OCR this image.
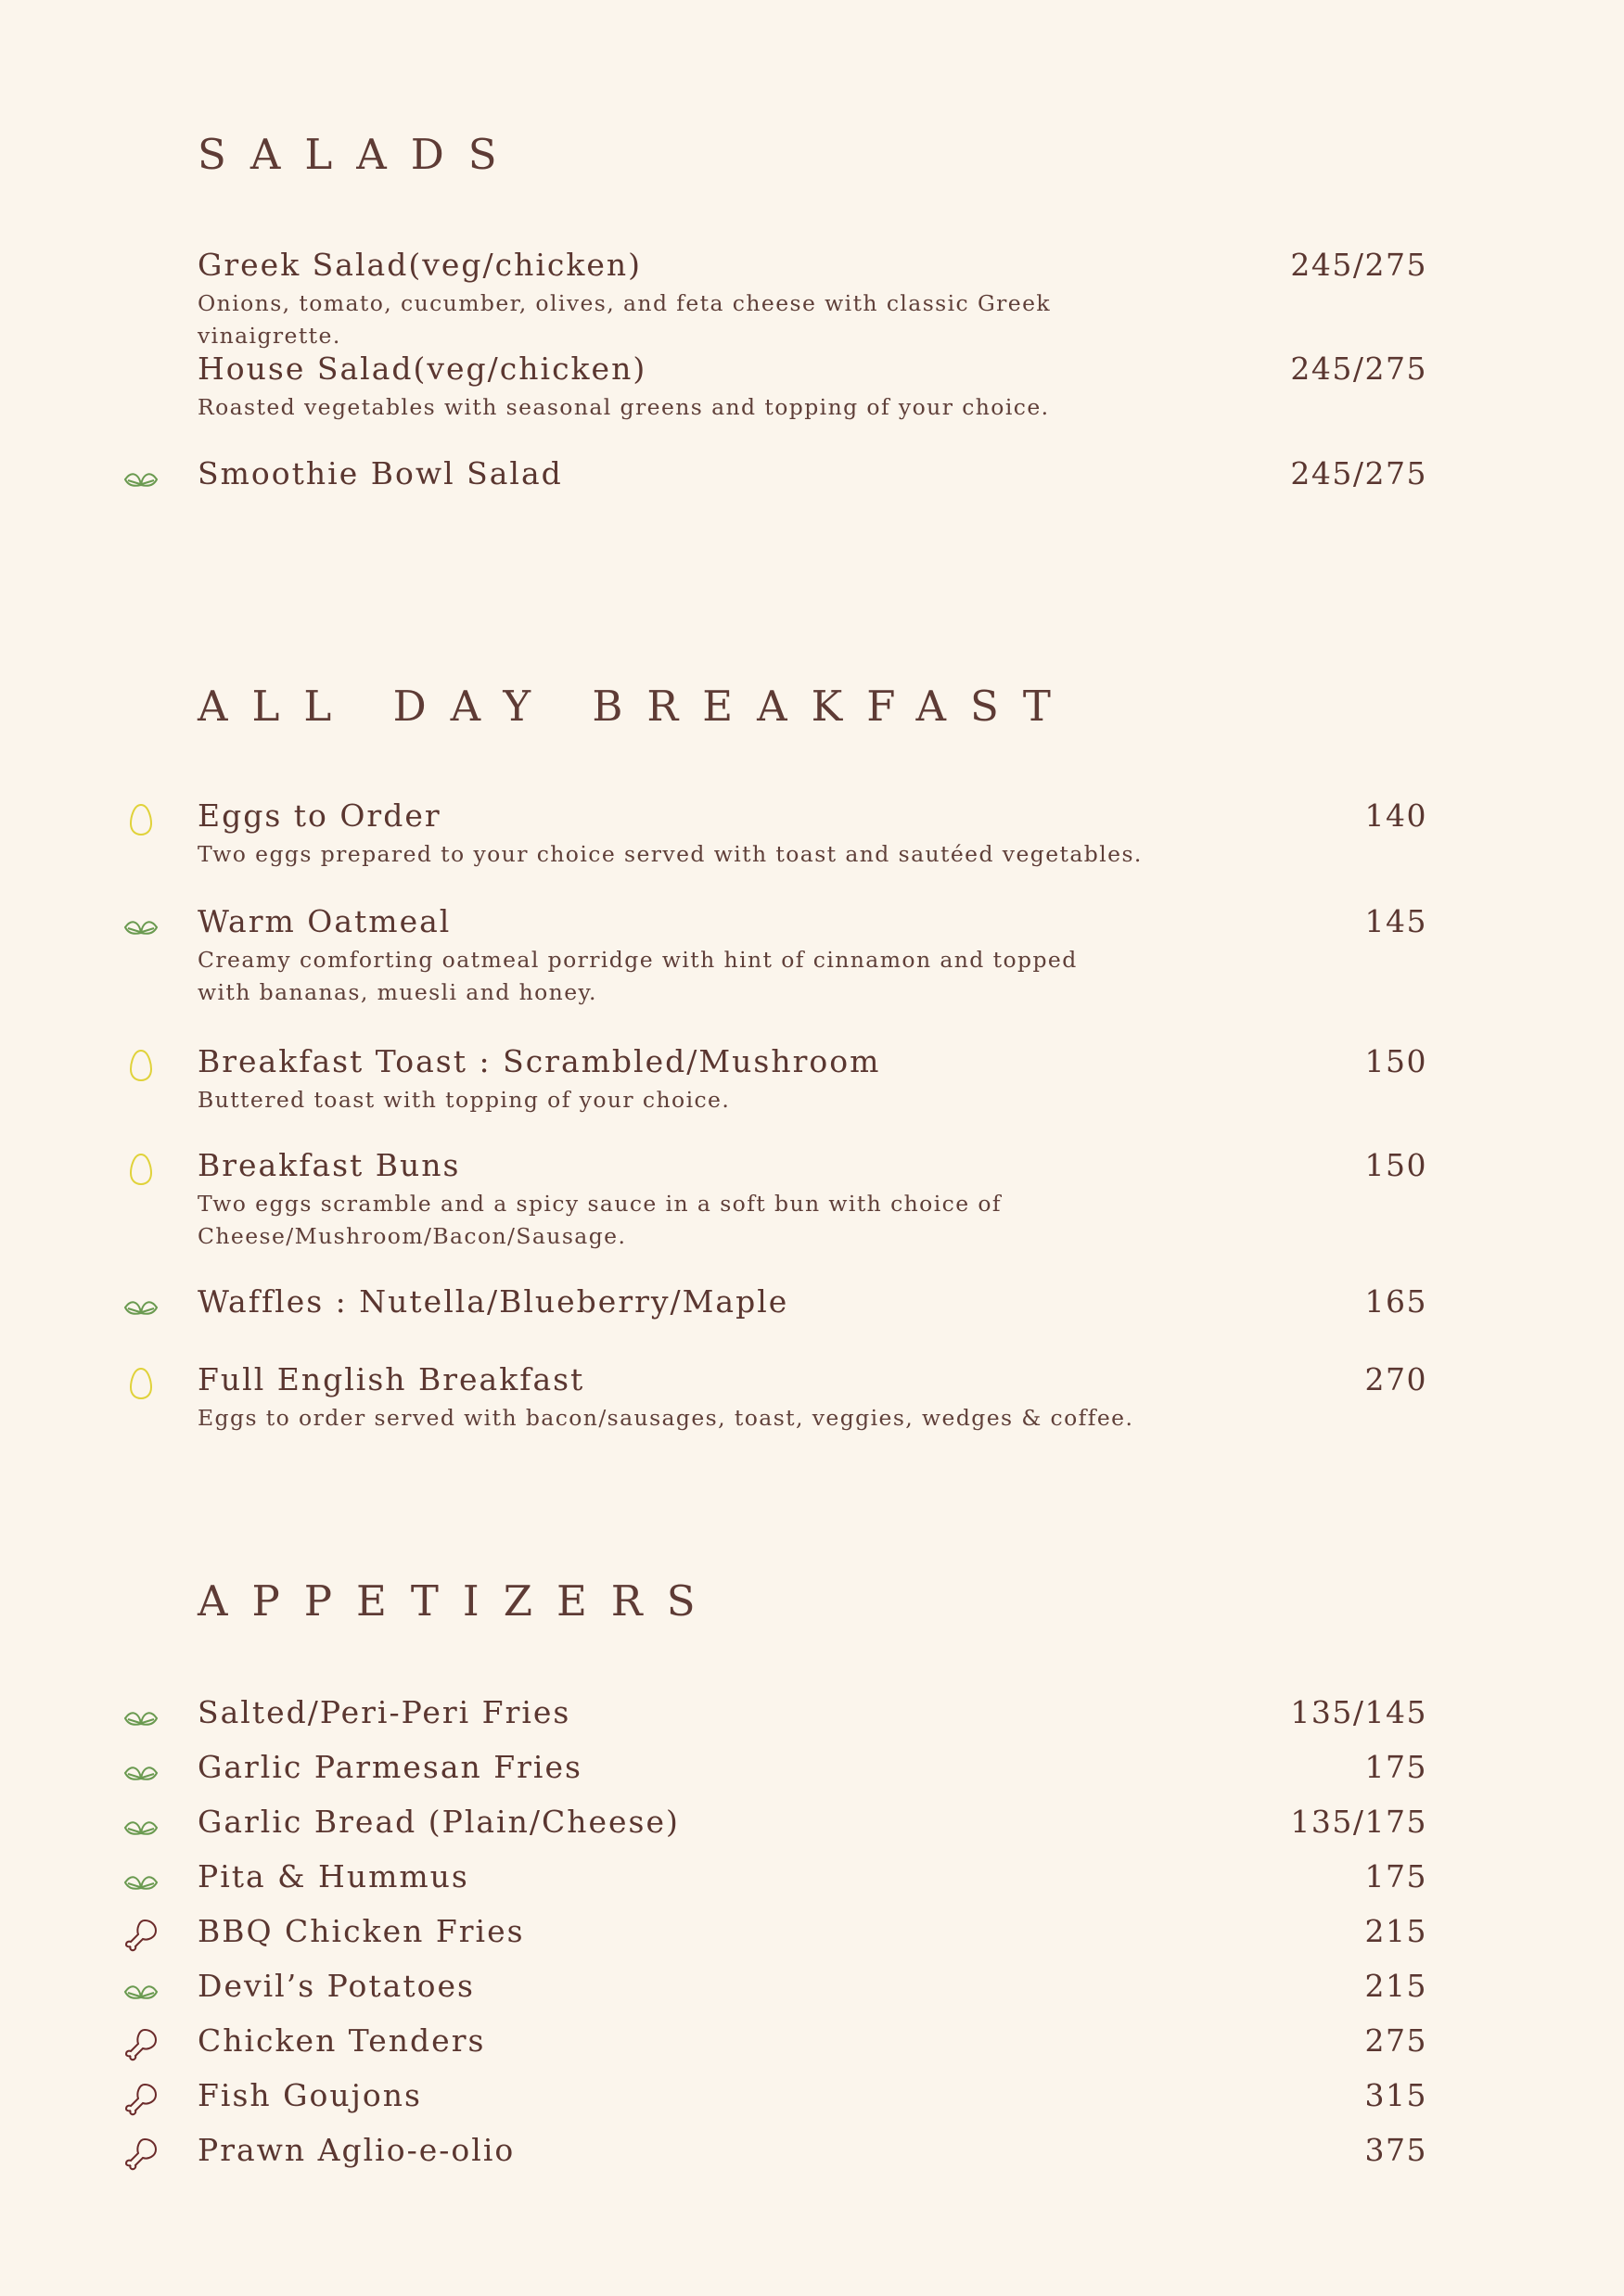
SALADS
Greek Salad(veg/chicken)	245/275
Onions, tomato, cucumber, olives, and feta cheese with classic Greek vinaigrette.
House Salad(veg/chicken)	245/275
Roasted vegetables with seasonal greens and topping of your choice.
Smoothie Bowl Salad	245/275
ALL DAY BREAKFAST
Eggs to Order	140
Two eggs prepared to your choice served with toast and sautéed vegetables.
Warm Oatmeal	145
Creamy comforting oatmeal porridge with hint of cinnamon and topped with bananas, muesli and honey.
Breakfast Toast : Scrambled/Mushroom	150
Buttered toast with topping of your choice.
Breakfast Buns	150
Two eggs scramble and a spicy sauce in a soft bun with choice of Cheese/Mushroom/Bacon/Sausage.
Waffles : Nutella/Blueberry/Maple	165
Full English Breakfast	270
Eggs to order served with bacon/sausages, toast, veggies, wedges & coffee.
APPETIZERS
Salted/Peri-Peri Fries	135/145
Garlic Parmesan Fries	175
Garlic Bread (Plain/Cheese)	135/175
Pita & Hummus	175
BBQ Chicken Fries	215
Devil’s Potatoes	215
Chicken Tenders	275
Fish Goujons	315
Prawn Aglio-e-olio	375
